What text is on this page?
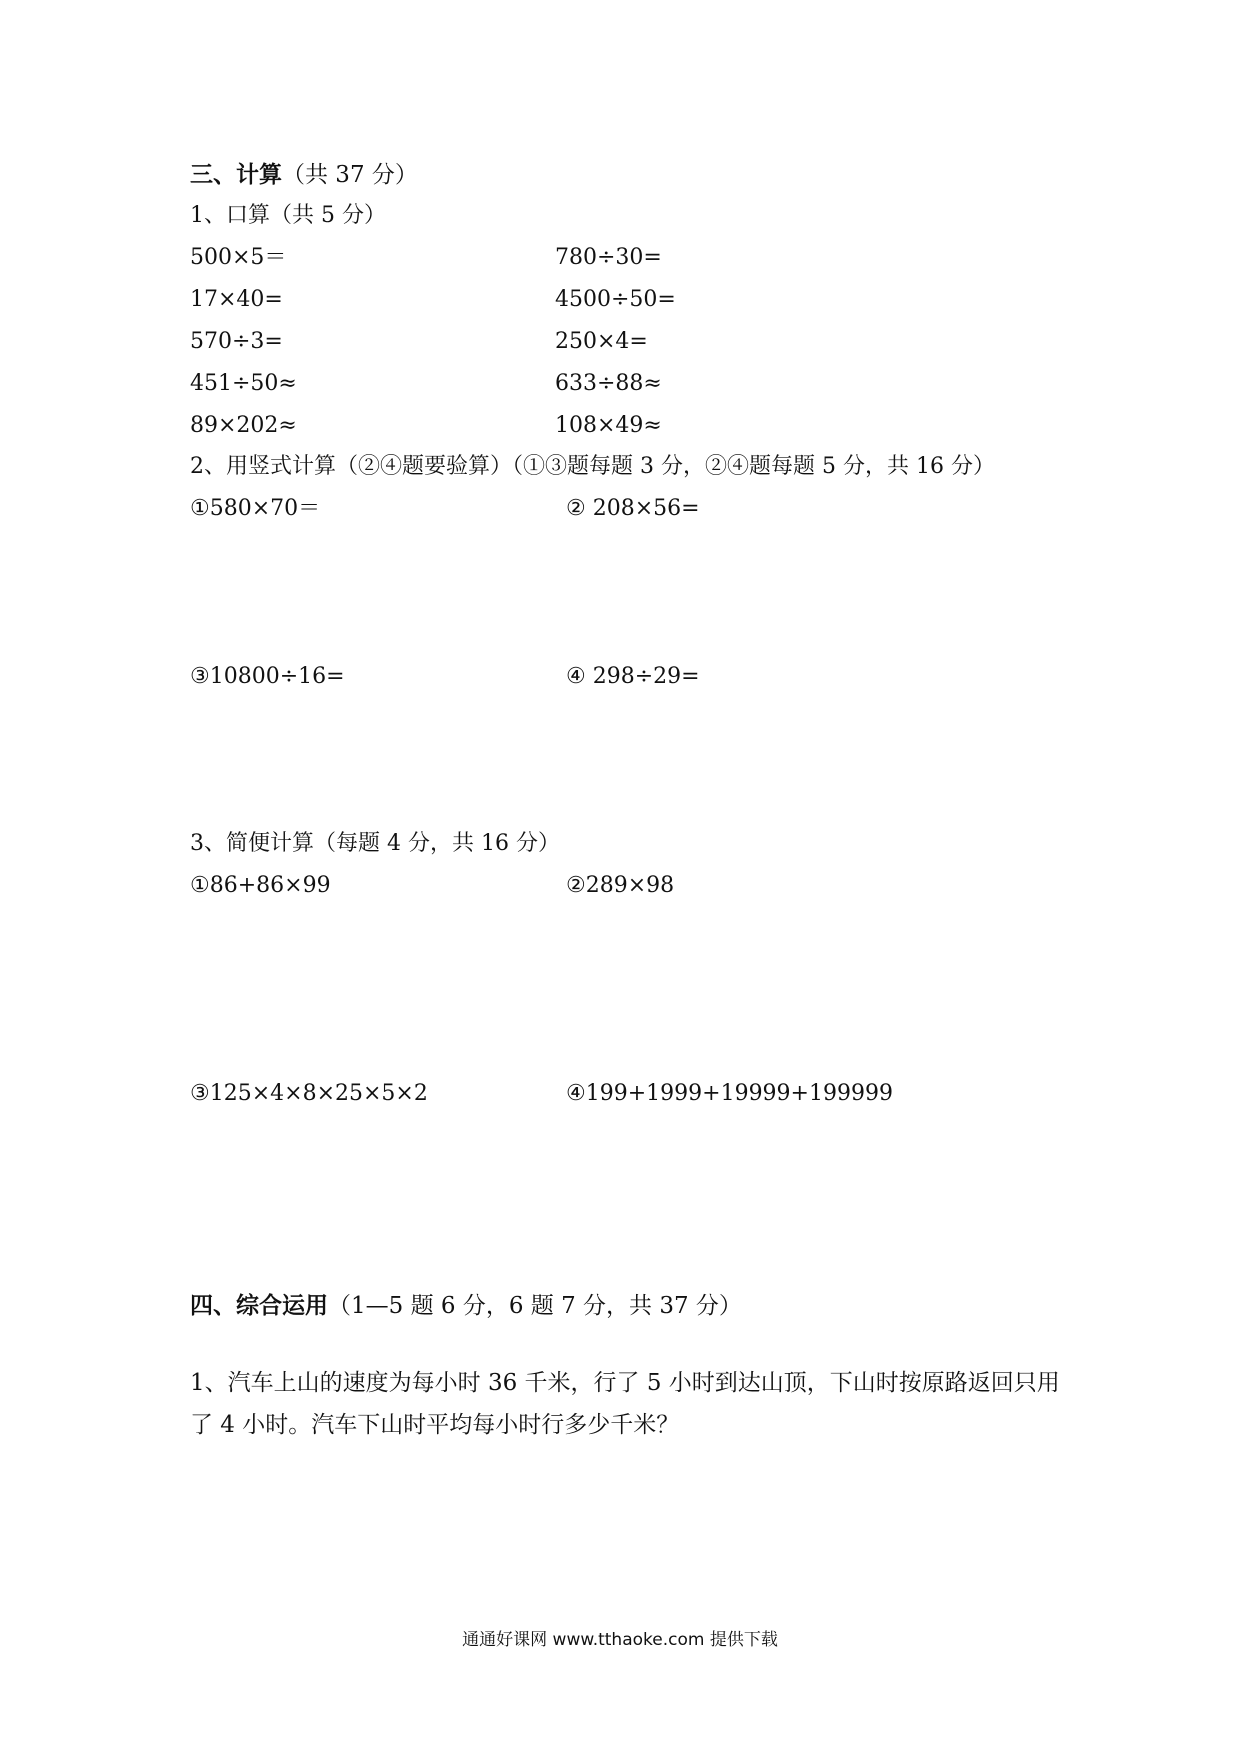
三、计算（共 37 分）
1、口算（共 5 分）
500×5＝	780÷30=
17×40=	4500÷50=
570÷3=	250×4=
451÷50≈	633÷88≈
89×202≈	108×49≈
2、用竖式计算（②④题要验算）（①③题每题 3 分，②④题每题 5 分，共 16 分）
①580×70＝	② 208×56=
③10800÷16=	④ 298÷29=
3、简便计算（每题 4 分，共 16 分）
①86+86×99	②289×98
③125×4×8×25×5×2	④199+1999+19999+199999
四、综合运用（1—5 题 6 分，6 题 7 分，共 37 分）
1、汽车上山的速度为每小时 36 千米，行了 5 小时到达山顶，下山时按原路返回只用了 4 小时。汽车下山时平均每小时行多少千米？
通通好课网 www.tthaoke.com 提供下载
